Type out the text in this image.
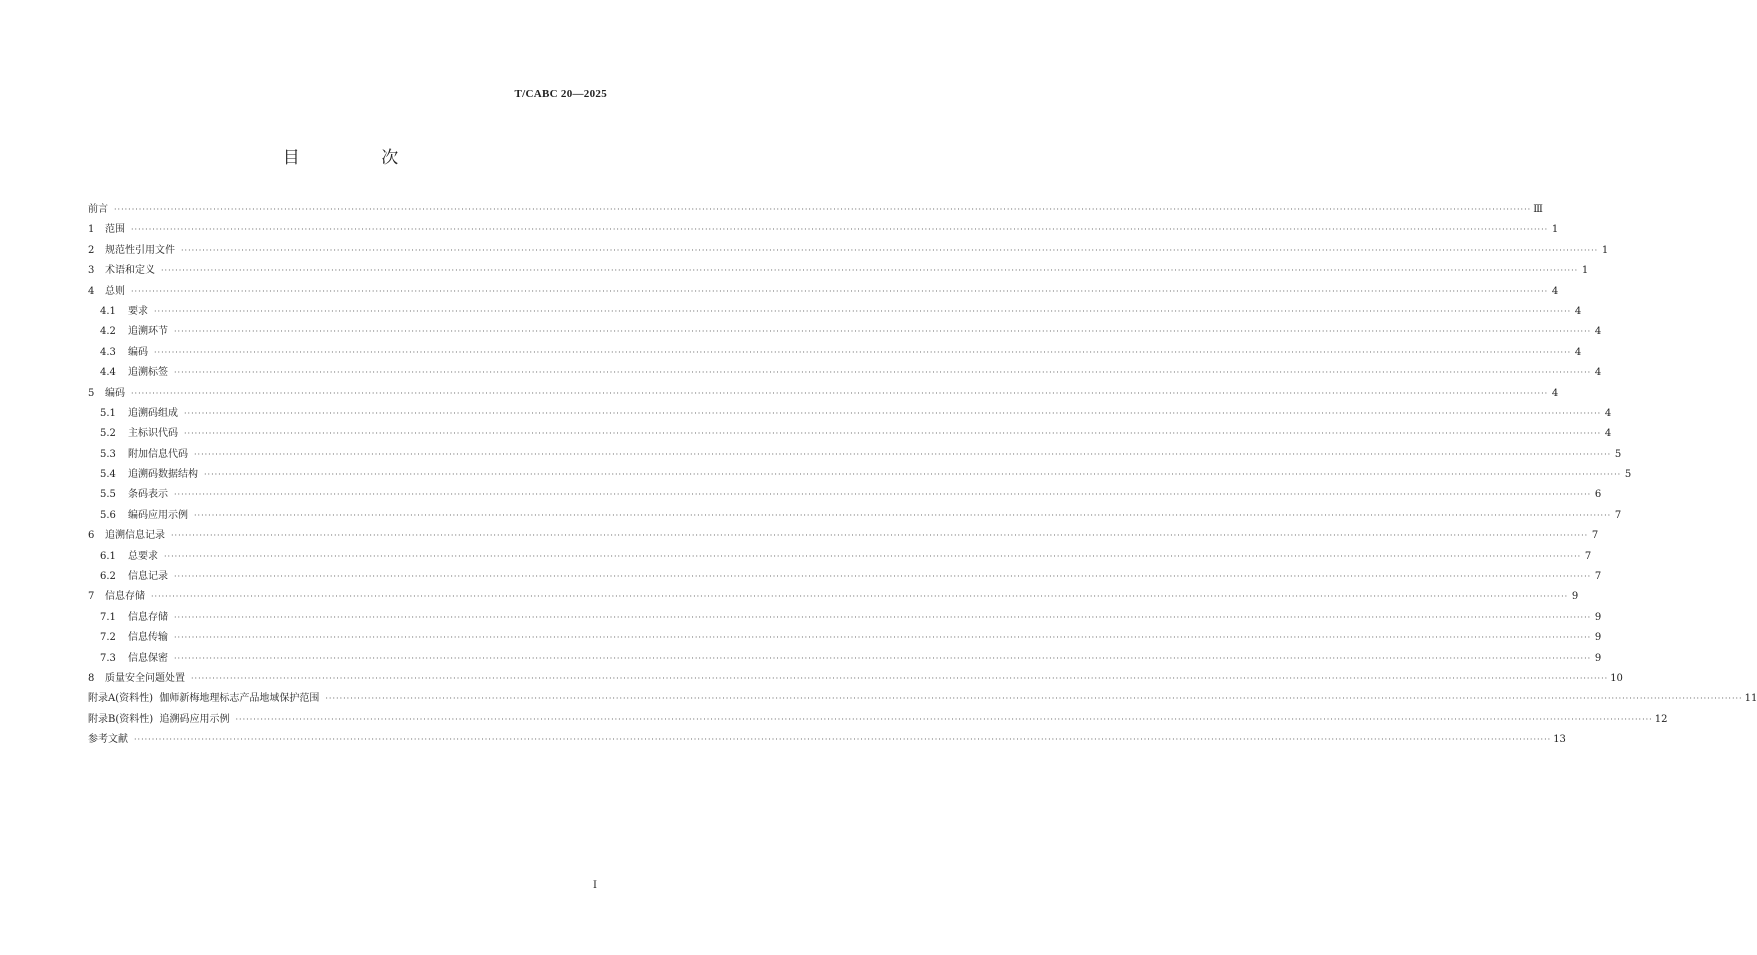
T/CABC 20—2025
目 次
前言 ················································································································································································································································································································································································································ Ⅲ
1 范围 ················································································································································································································································································································································································································ 1
2 规范性引用文件 ················································································································································································································································································································································································································ 1
3 术语和定义 ················································································································································································································································································································································································································ 1
4 总则 ················································································································································································································································································································································································································ 4
4.1 要求 ················································································································································································································································································································································································································ 4
4.2 追溯环节 ················································································································································································································································································································································································································ 4
4.3 编码 ················································································································································································································································································································································································································ 4
4.4 追溯标签 ················································································································································································································································································································································································································ 4
5 编码 ················································································································································································································································································································································································································ 4
5.1 追溯码组成 ················································································································································································································································································································································································································ 4
5.2 主标识代码 ················································································································································································································································································································································································································ 4
5.3 附加信息代码 ················································································································································································································································································································································································································ 5
5.4 追溯码数据结构 ················································································································································································································································································································································································································ 5
5.5 条码表示 ················································································································································································································································································································································································································ 6
5.6 编码应用示例 ················································································································································································································································································································································································································ 7
6 追溯信息记录 ················································································································································································································································································································································································································ 7
6.1 总要求 ················································································································································································································································································································································································································ 7
6.2 信息记录 ················································································································································································································································································································································································································ 7
7 信息存储 ················································································································································································································································································································································································································ 9
7.1 信息存储 ················································································································································································································································································································································································································ 9
7.2 信息传输 ················································································································································································································································································································································································································ 9
7.3 信息保密 ················································································································································································································································································································································································································ 9
8 质量安全问题处置 ················································································································································································································································································································································································································ 10
附录A(资料性)  伽师新梅地理标志产品地域保护范围 ················································································································································································································································································································································································································ 11
附录B(资料性)  追溯码应用示例 ················································································································································································································································································································································································································ 12
参考文献 ················································································································································································································································································································································································································ 13
I
